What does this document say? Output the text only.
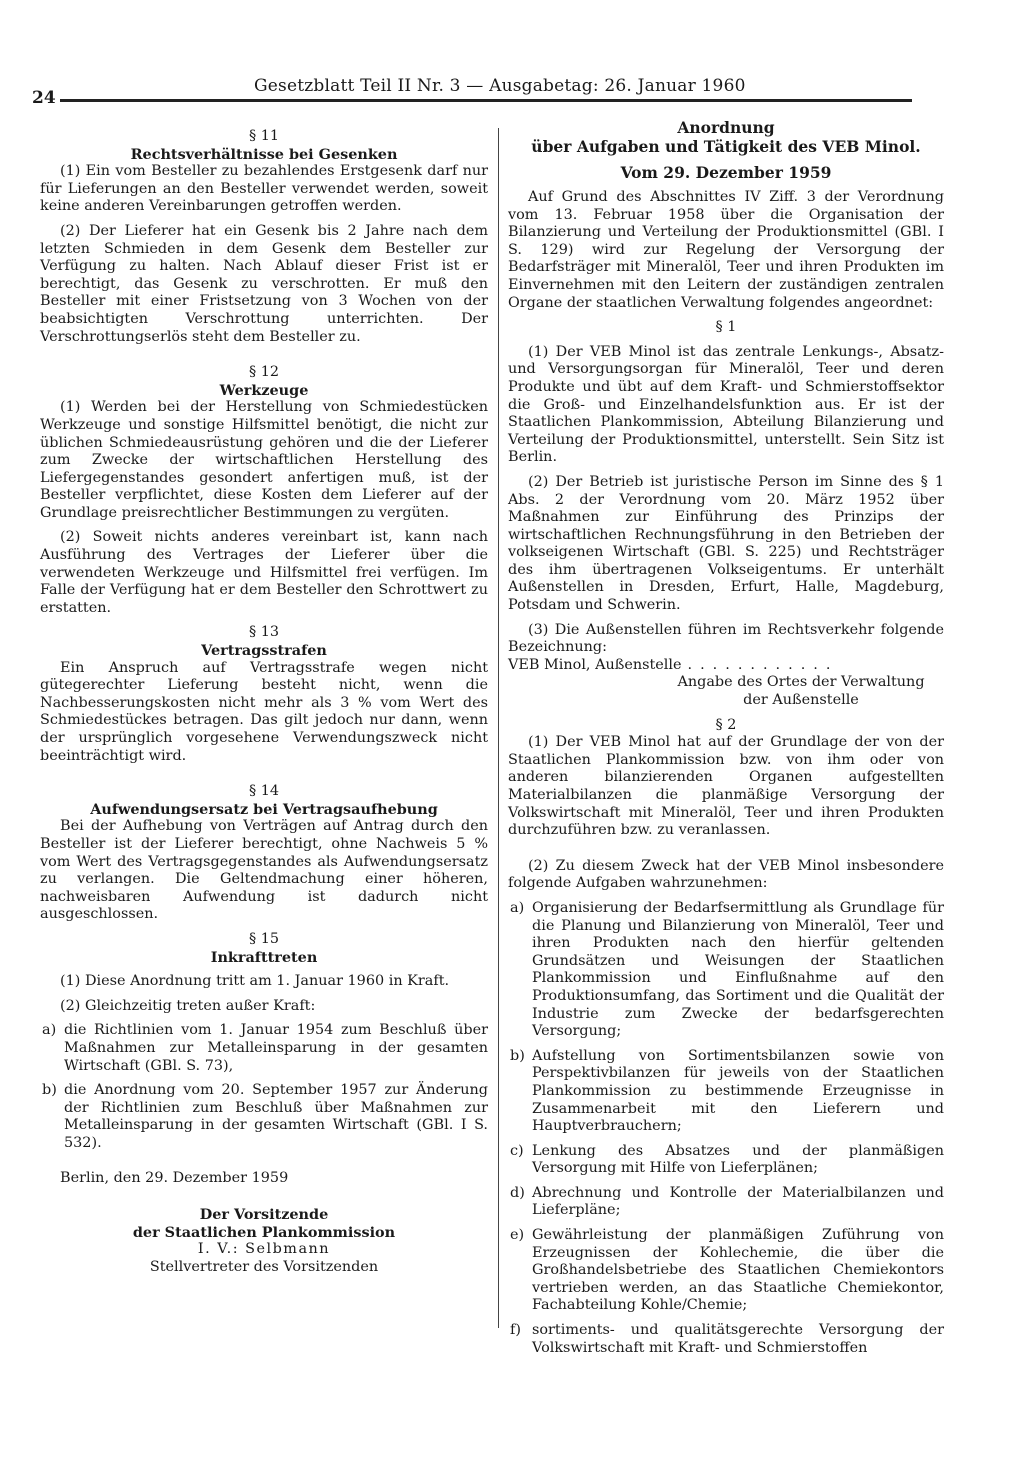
24
Gesetzblatt Teil II Nr. 3 — Ausgabetag: 26. Januar 1960
§ 11
Rechtsverhältnisse bei Gesenken
(1) Ein vom Besteller zu bezahlendes Erstgesenk darf nur für Lieferungen an den Besteller verwendet werden, soweit keine anderen Vereinbarungen getroffen werden.
(2) Der Lieferer hat ein Gesenk bis 2 Jahre nach dem letzten Schmieden in dem Gesenk dem Besteller zur Verfügung zu halten. Nach Ablauf dieser Frist ist er berechtigt, das Gesenk zu verschrotten. Er muß den Besteller mit einer Fristsetzung von 3 Wochen von der beabsichtigten Verschrottung unterrichten. Der Verschrottungserlös steht dem Besteller zu.
§ 12
Werkzeuge
(1) Werden bei der Herstellung von Schmiedestücken Werkzeuge und sonstige Hilfsmittel benötigt, die nicht zur üblichen Schmiedeausrüstung gehören und die der Lieferer zum Zwecke der wirtschaftlichen Herstellung des Liefergegenstandes gesondert anfertigen muß, ist der Besteller verpflichtet, diese Kosten dem Lieferer auf der Grundlage preisrechtlicher Bestimmungen zu vergüten.
(2) Soweit nichts anderes vereinbart ist, kann nach Ausführung des Vertrages der Lieferer über die verwendeten Werkzeuge und Hilfsmittel frei verfügen. Im Falle der Verfügung hat er dem Besteller den Schrottwert zu erstatten.
§ 13
Vertragsstrafen
Ein Anspruch auf Vertragsstrafe wegen nicht gütegerechter Lieferung besteht nicht, wenn die Nachbesserungskosten nicht mehr als 3 % vom Wert des Schmiedestückes betragen. Das gilt jedoch nur dann, wenn der ursprünglich vorgesehene Verwendungszweck nicht beeinträchtigt wird.
§ 14
Aufwendungsersatz bei Vertragsaufhebung
Bei der Aufhebung von Verträgen auf Antrag durch den Besteller ist der Lieferer berechtigt, ohne Nachweis 5 % vom Wert des Vertragsgegenstandes als Aufwendungsersatz zu verlangen. Die Geltendmachung einer höheren, nachweisbaren Aufwendung ist dadurch nicht ausgeschlossen.
§ 15
Inkrafttreten
(1) Diese Anordnung tritt am 1. Januar 1960 in Kraft.
(2) Gleichzeitig treten außer Kraft:
a) die Richtlinien vom 1. Januar 1954 zum Beschluß über Maßnahmen zur Metalleinsparung in der gesamten Wirtschaft (GBl. S. 73),
b) die Anordnung vom 20. September 1957 zur Änderung der Richtlinien zum Beschluß über Maßnahmen zur Metalleinsparung in der gesamten Wirtschaft (GBl. I S. 532).
Berlin, den 29. Dezember 1959
Der Vorsitzende
der Staatlichen Plankommission
I. V.: Selbmann
Stellvertreter des Vorsitzenden
Anordnung
über Aufgaben und Tätigkeit des VEB Minol.
Vom 29. Dezember 1959
Auf Grund des Abschnittes IV Ziff. 3 der Verordnung vom 13. Februar 1958 über die Organisation der Bilanzierung und Verteilung der Produktionsmittel (GBl. I S. 129) wird zur Regelung der Versorgung der Bedarfsträger mit Mineralöl, Teer und ihren Produkten im Einvernehmen mit den Leitern der zuständigen zentralen Organe der staatlichen Verwaltung folgendes angeordnet:
§ 1
(1) Der VEB Minol ist das zentrale Lenkungs-, Absatz- und Versorgungsorgan für Mineralöl, Teer und deren Produkte und übt auf dem Kraft- und Schmierstoffsektor die Groß- und Einzelhandelsfunktion aus. Er ist der Staatlichen Plankommission, Abteilung Bilanzierung und Verteilung der Produktionsmittel, unterstellt. Sein Sitz ist Berlin.
(2) Der Betrieb ist juristische Person im Sinne des § 1 Abs. 2 der Verordnung vom 20. März 1952 über Maßnahmen zur Einführung des Prinzips der wirtschaftlichen Rechnungsführung in den Betrieben der volkseigenen Wirtschaft (GBl. S. 225) und Rechtsträger des ihm übertragenen Volkseigentums. Er unterhält Außenstellen in Dresden, Erfurt, Halle, Magdeburg, Potsdam und Schwerin.
(3) Die Außenstellen führen im Rechtsverkehr folgende Bezeichnung:
VEB Minol, Außenstelle ............
Angabe des Ortes der Verwaltung
der Außenstelle
§ 2
(1) Der VEB Minol hat auf der Grundlage der von der Staatlichen Plankommission bzw. von ihm oder von anderen bilanzierenden Organen aufgestellten Materialbilanzen die planmäßige Versorgung der Volkswirtschaft mit Mineralöl, Teer und ihren Produkten durchzuführen bzw. zu veranlassen.
(2) Zu diesem Zweck hat der VEB Minol insbesondere folgende Aufgaben wahrzunehmen:
a) Organisierung der Bedarfsermittlung als Grundlage für die Planung und Bilanzierung von Mineralöl, Teer und ihren Produkten nach den hierfür geltenden Grundsätzen und Weisungen der Staatlichen Plankommission und Einflußnahme auf den Produktionsumfang, das Sortiment und die Qualität der Industrie zum Zwecke der bedarfsgerechten Versorgung;
b) Aufstellung von Sortimentsbilanzen sowie von Perspektivbilanzen für jeweils von der Staatlichen Plankommission zu bestimmende Erzeugnisse in Zusammenarbeit mit den Lieferern und Hauptverbrauchern;
c) Lenkung des Absatzes und der planmäßigen Versorgung mit Hilfe von Lieferplänen;
d) Abrechnung und Kontrolle der Materialbilanzen und Lieferpläne;
e) Gewährleistung der planmäßigen Zuführung von Erzeugnissen der Kohlechemie, die über die Großhandelsbetriebe des Staatlichen Chemiekontors vertrieben werden, an das Staatliche Chemiekontor, Fachabteilung Kohle/Chemie;
f) sortiments- und qualitätsgerechte Versorgung der Volkswirtschaft mit Kraft- und Schmierstoffen
